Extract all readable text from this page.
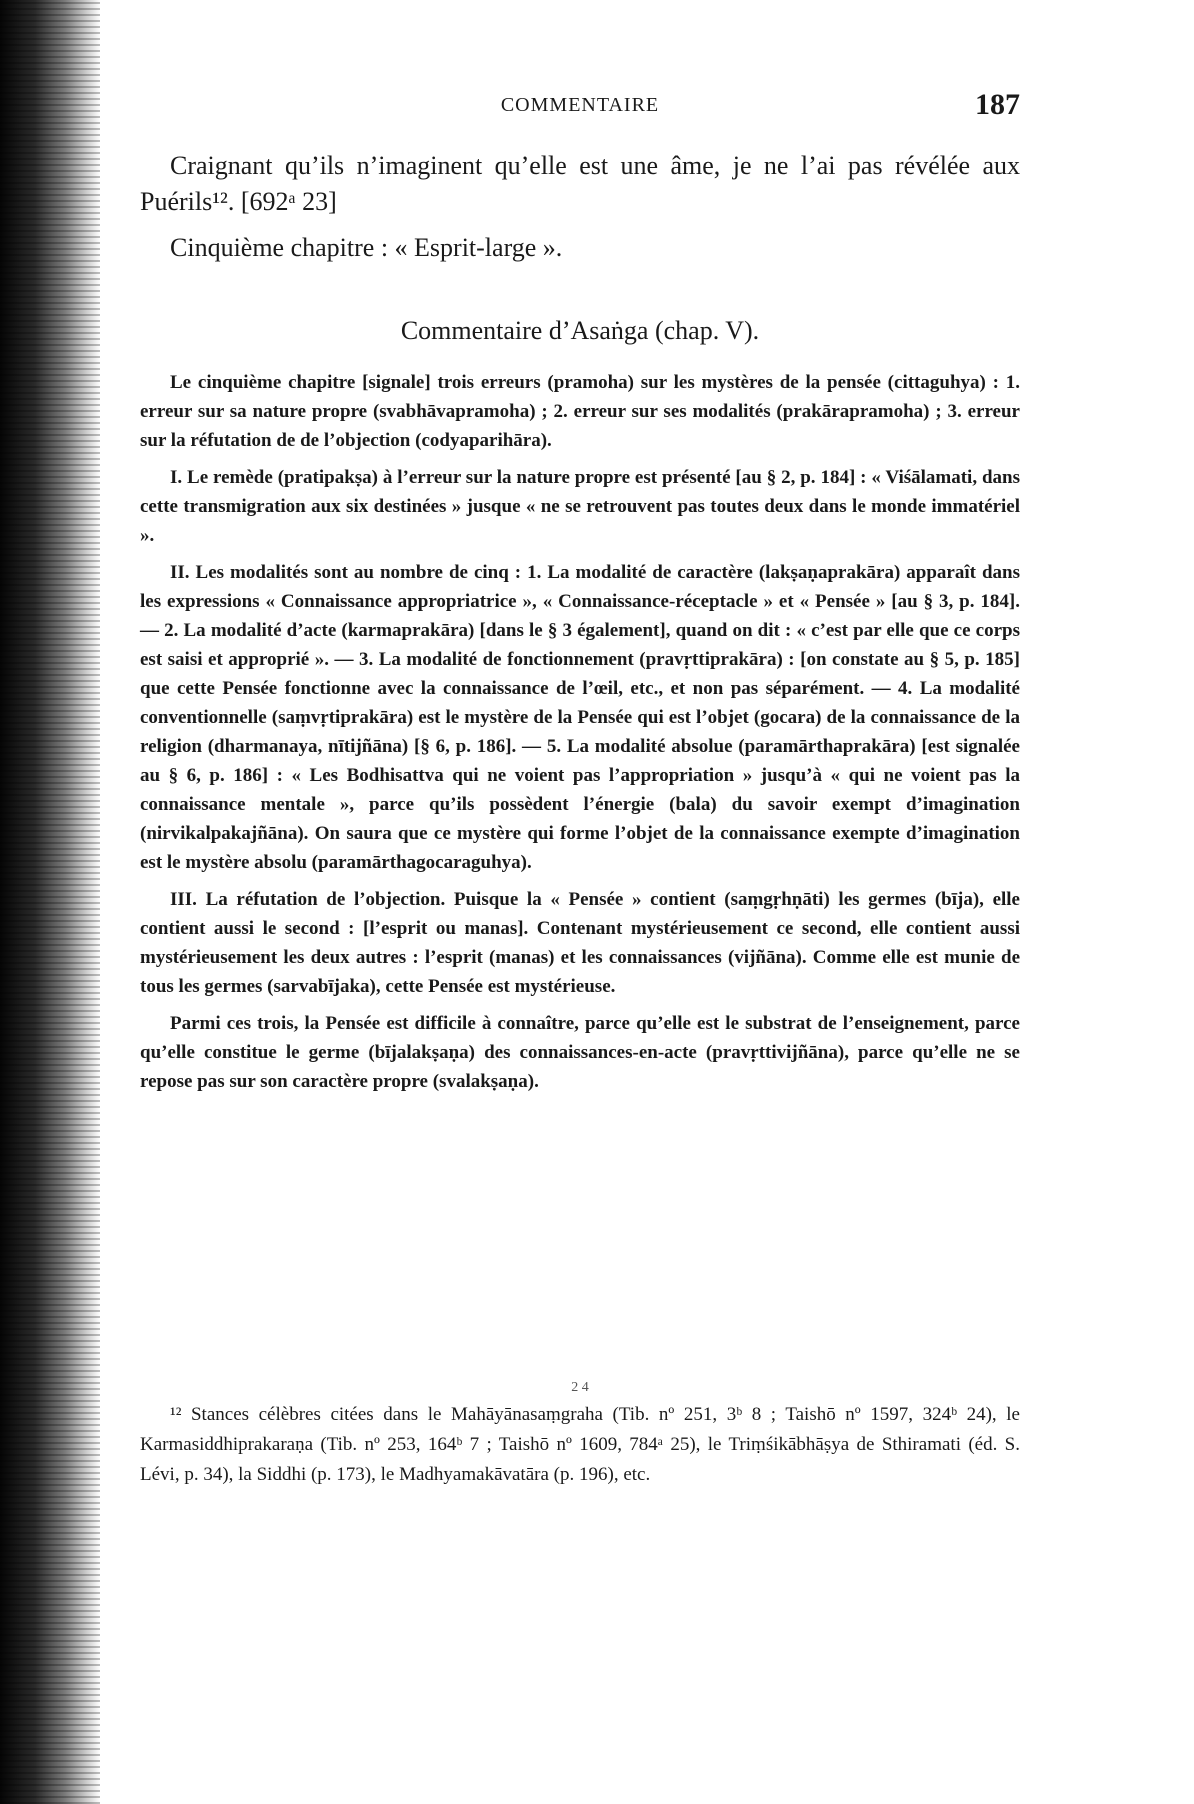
COMMENTAIRE	187

Craignant qu’ils n’imaginent qu’elle est une âme, je ne l’ai pas révélée aux Puérils¹². [692ᵃ 23]

Cinquième chapitre : « Esprit-large ».

Commentaire d’Asaṅga (chap. V).

Le cinquième chapitre [signale] trois erreurs (pramoha) sur les mystères de la pensée (cittaguhya) : 1. erreur sur sa nature propre (svabhāvapramoha) ; 2. erreur sur ses modalités (prakārapramoha) ; 3. erreur sur la réfutation de de l’objection (codyaparihāra).

I. Le remède (pratipakṣa) à l’erreur sur la nature propre est présenté [au § 2, p. 184] : « Viśālamati, dans cette transmigration aux six destinées » jusque « ne se retrouvent pas toutes deux dans le monde immatériel ».

II. Les modalités sont au nombre de cinq : 1. La modalité de caractère (lakṣaṇaprakāra) apparaît dans les expressions « Connaissance appropriatrice », « Connaissance-réceptacle » et « Pensée » [au § 3, p. 184]. — 2. La modalité d’acte (karmaprakāra) [dans le § 3 également], quand on dit : « c’est par elle que ce corps est saisi et approprié ». — 3. La modalité de fonctionnement (pravṛttiprakāra) : [on constate au § 5, p. 185] que cette Pensée fonctionne avec la connaissance de l’œil, etc., et non pas séparément. — 4. La modalité conventionnelle (saṃvṛtiprakāra) est le mystère de la Pensée qui est l’objet (gocara) de la connaissance de la religion (dharmanaya, nītijñāna) [§ 6, p. 186]. — 5. La modalité absolue (paramārthaprakāra) [est signalée au § 6, p. 186] : « Les Bodhisattva qui ne voient pas l’appropriation » jusqu’à « qui ne voient pas la connaissance mentale », parce qu’ils possèdent l’énergie (bala) du savoir exempt d’imagination (nirvikalpakajñāna). On saura que ce mystère qui forme l’objet de la connaissance exempte d’imagination est le mystère absolu (paramārthagocaraguhya).

III. La réfutation de l’objection. Puisque la « Pensée » contient (saṃgṛhṇāti) les germes (bīja), elle contient aussi le second : [l’esprit ou manas]. Contenant mystérieusement ce second, elle contient aussi mystérieusement les deux autres : l’esprit (manas) et les connaissances (vijñāna). Comme elle est munie de tous les germes (sarvabījaka), cette Pensée est mystérieuse.

Parmi ces trois, la Pensée est difficile à connaître, parce qu’elle est le substrat de l’enseignement, parce qu’elle constitue le germe (bījalakṣaṇa) des connaissances-en-acte (pravṛttivijñāna), parce qu’elle ne se repose pas sur son caractère propre (svalakṣaṇa).

2 4

¹² Stances célèbres citées dans le Mahāyānasaṃgraha (Tib. nº 251, 3ᵇ 8 ; Taishō nº 1597, 324ᵇ 24), le Karmasiddhiprakaraṇa (Tib. nº 253, 164ᵇ 7 ; Taishō nº 1609, 784ᵃ 25), le Triṃśikābhāṣya de Sthiramati (éd. S. Lévi, p. 34), la Siddhi (p. 173), le Madhyamakāvatāra (p. 196), etc.
